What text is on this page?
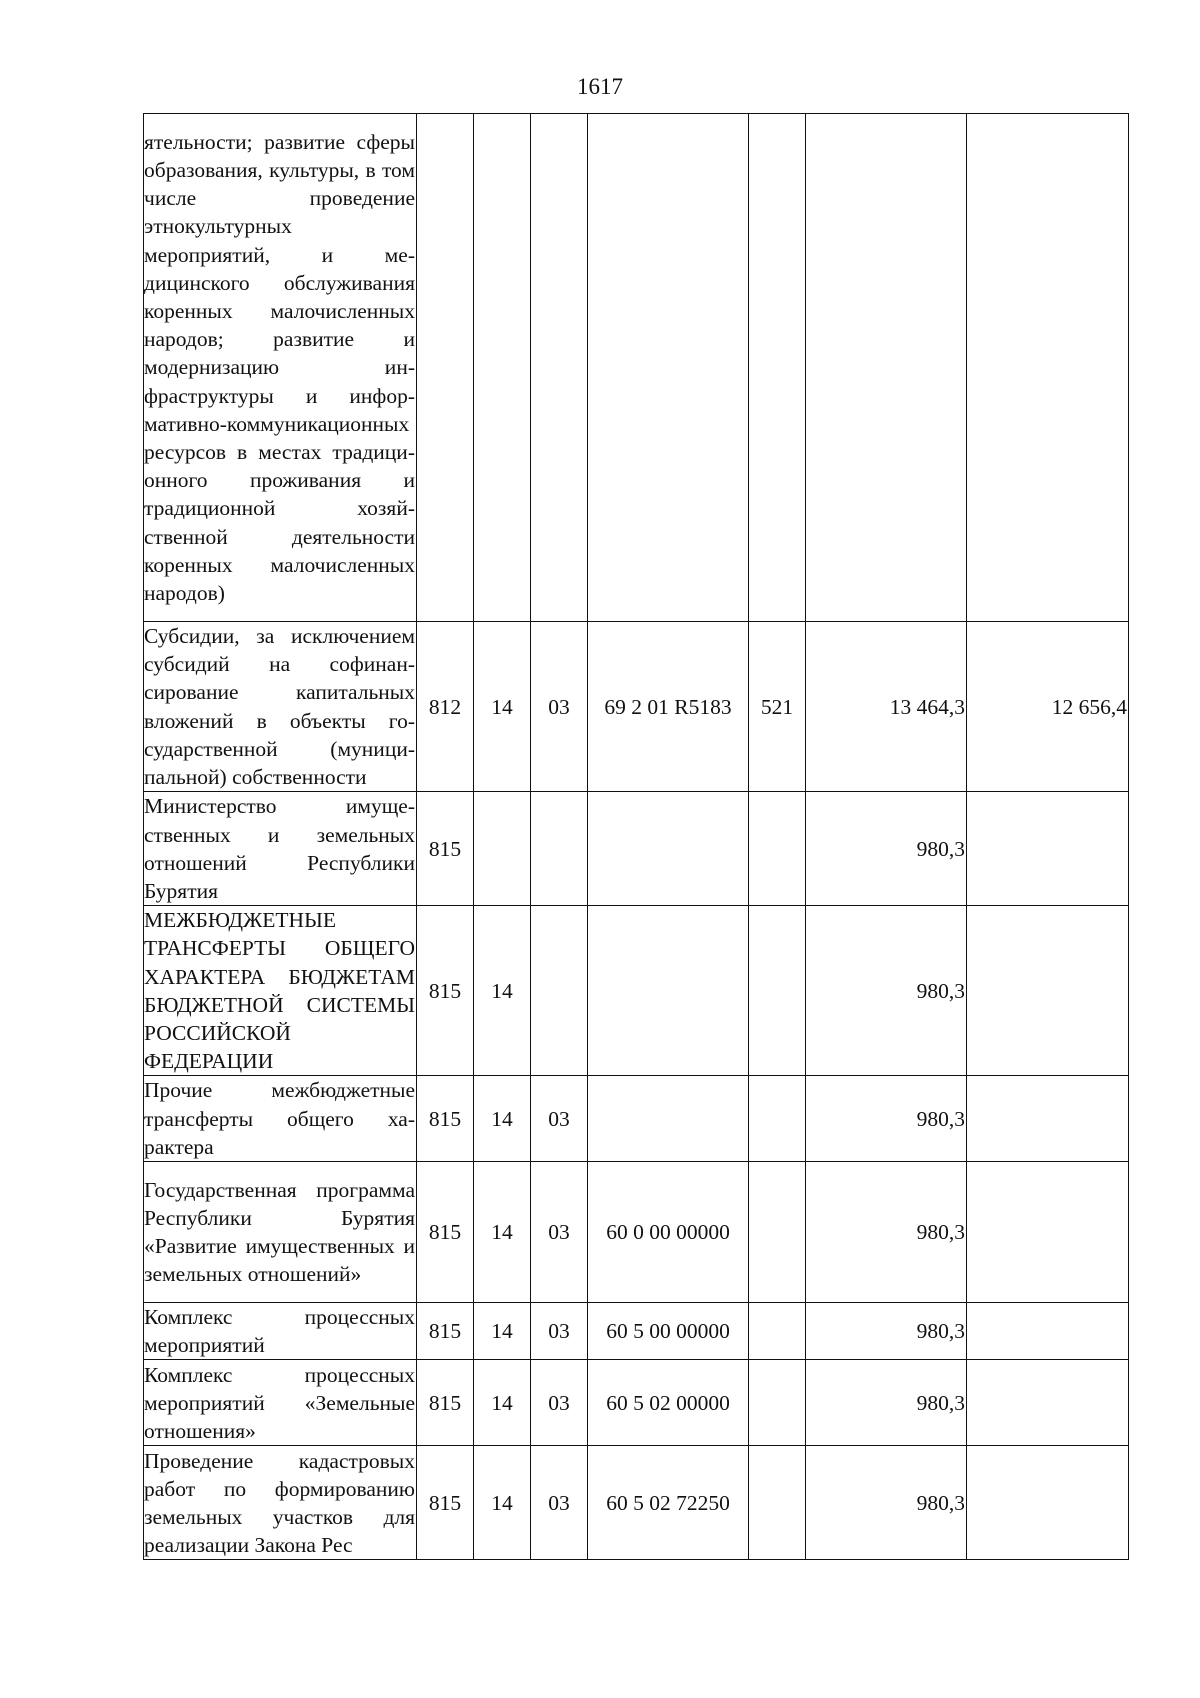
1617
ятельности; развитие сферы образования, культуры, в том числе проведение этнокультурных мероприятий, и медицинского обслуживания коренных малочисленных народов; развитие и модернизацию инфраструктуры и информативно-коммуникационных ресурсов в местах традиционного проживания и традиционной хозяйственной деятельности коренных малочисленных народов)							

Субсидии, за исключением субсидий на софинансирование капитальных вложений в объекты государственной (муниципальной) собственности	812	14	03	69 2 01 R5183	521	13 464,3	12 656,4

Министерство имущественных и земельных отношений Республики Бурятия	815					980,3	

МЕЖБЮДЖЕТНЫЕ ТРАНСФЕРТЫ ОБЩЕГО ХАРАКТЕРА БЮДЖЕТАМ БЮДЖЕТНОЙ СИСТЕМЫ РОССИЙСКОЙ ФЕДЕРАЦИИ	815	14				980,3	

Прочие межбюджетные трансферты общего характера	815	14	03			980,3	

Государственная программа Республики Бурятия «Развитие имущественных и земельных отношений»	815	14	03	60 0 00 00000		980,3	

Комплекс процессных мероприятий	815	14	03	60 5 00 00000		980,3	

Комплекс процессных мероприятий «Земельные отношения»	815	14	03	60 5 02 00000		980,3	

Проведение кадастровых работ по формированию земельных участков для реализации Закона Рес	815	14	03	60 5 02 72250		980,3	
